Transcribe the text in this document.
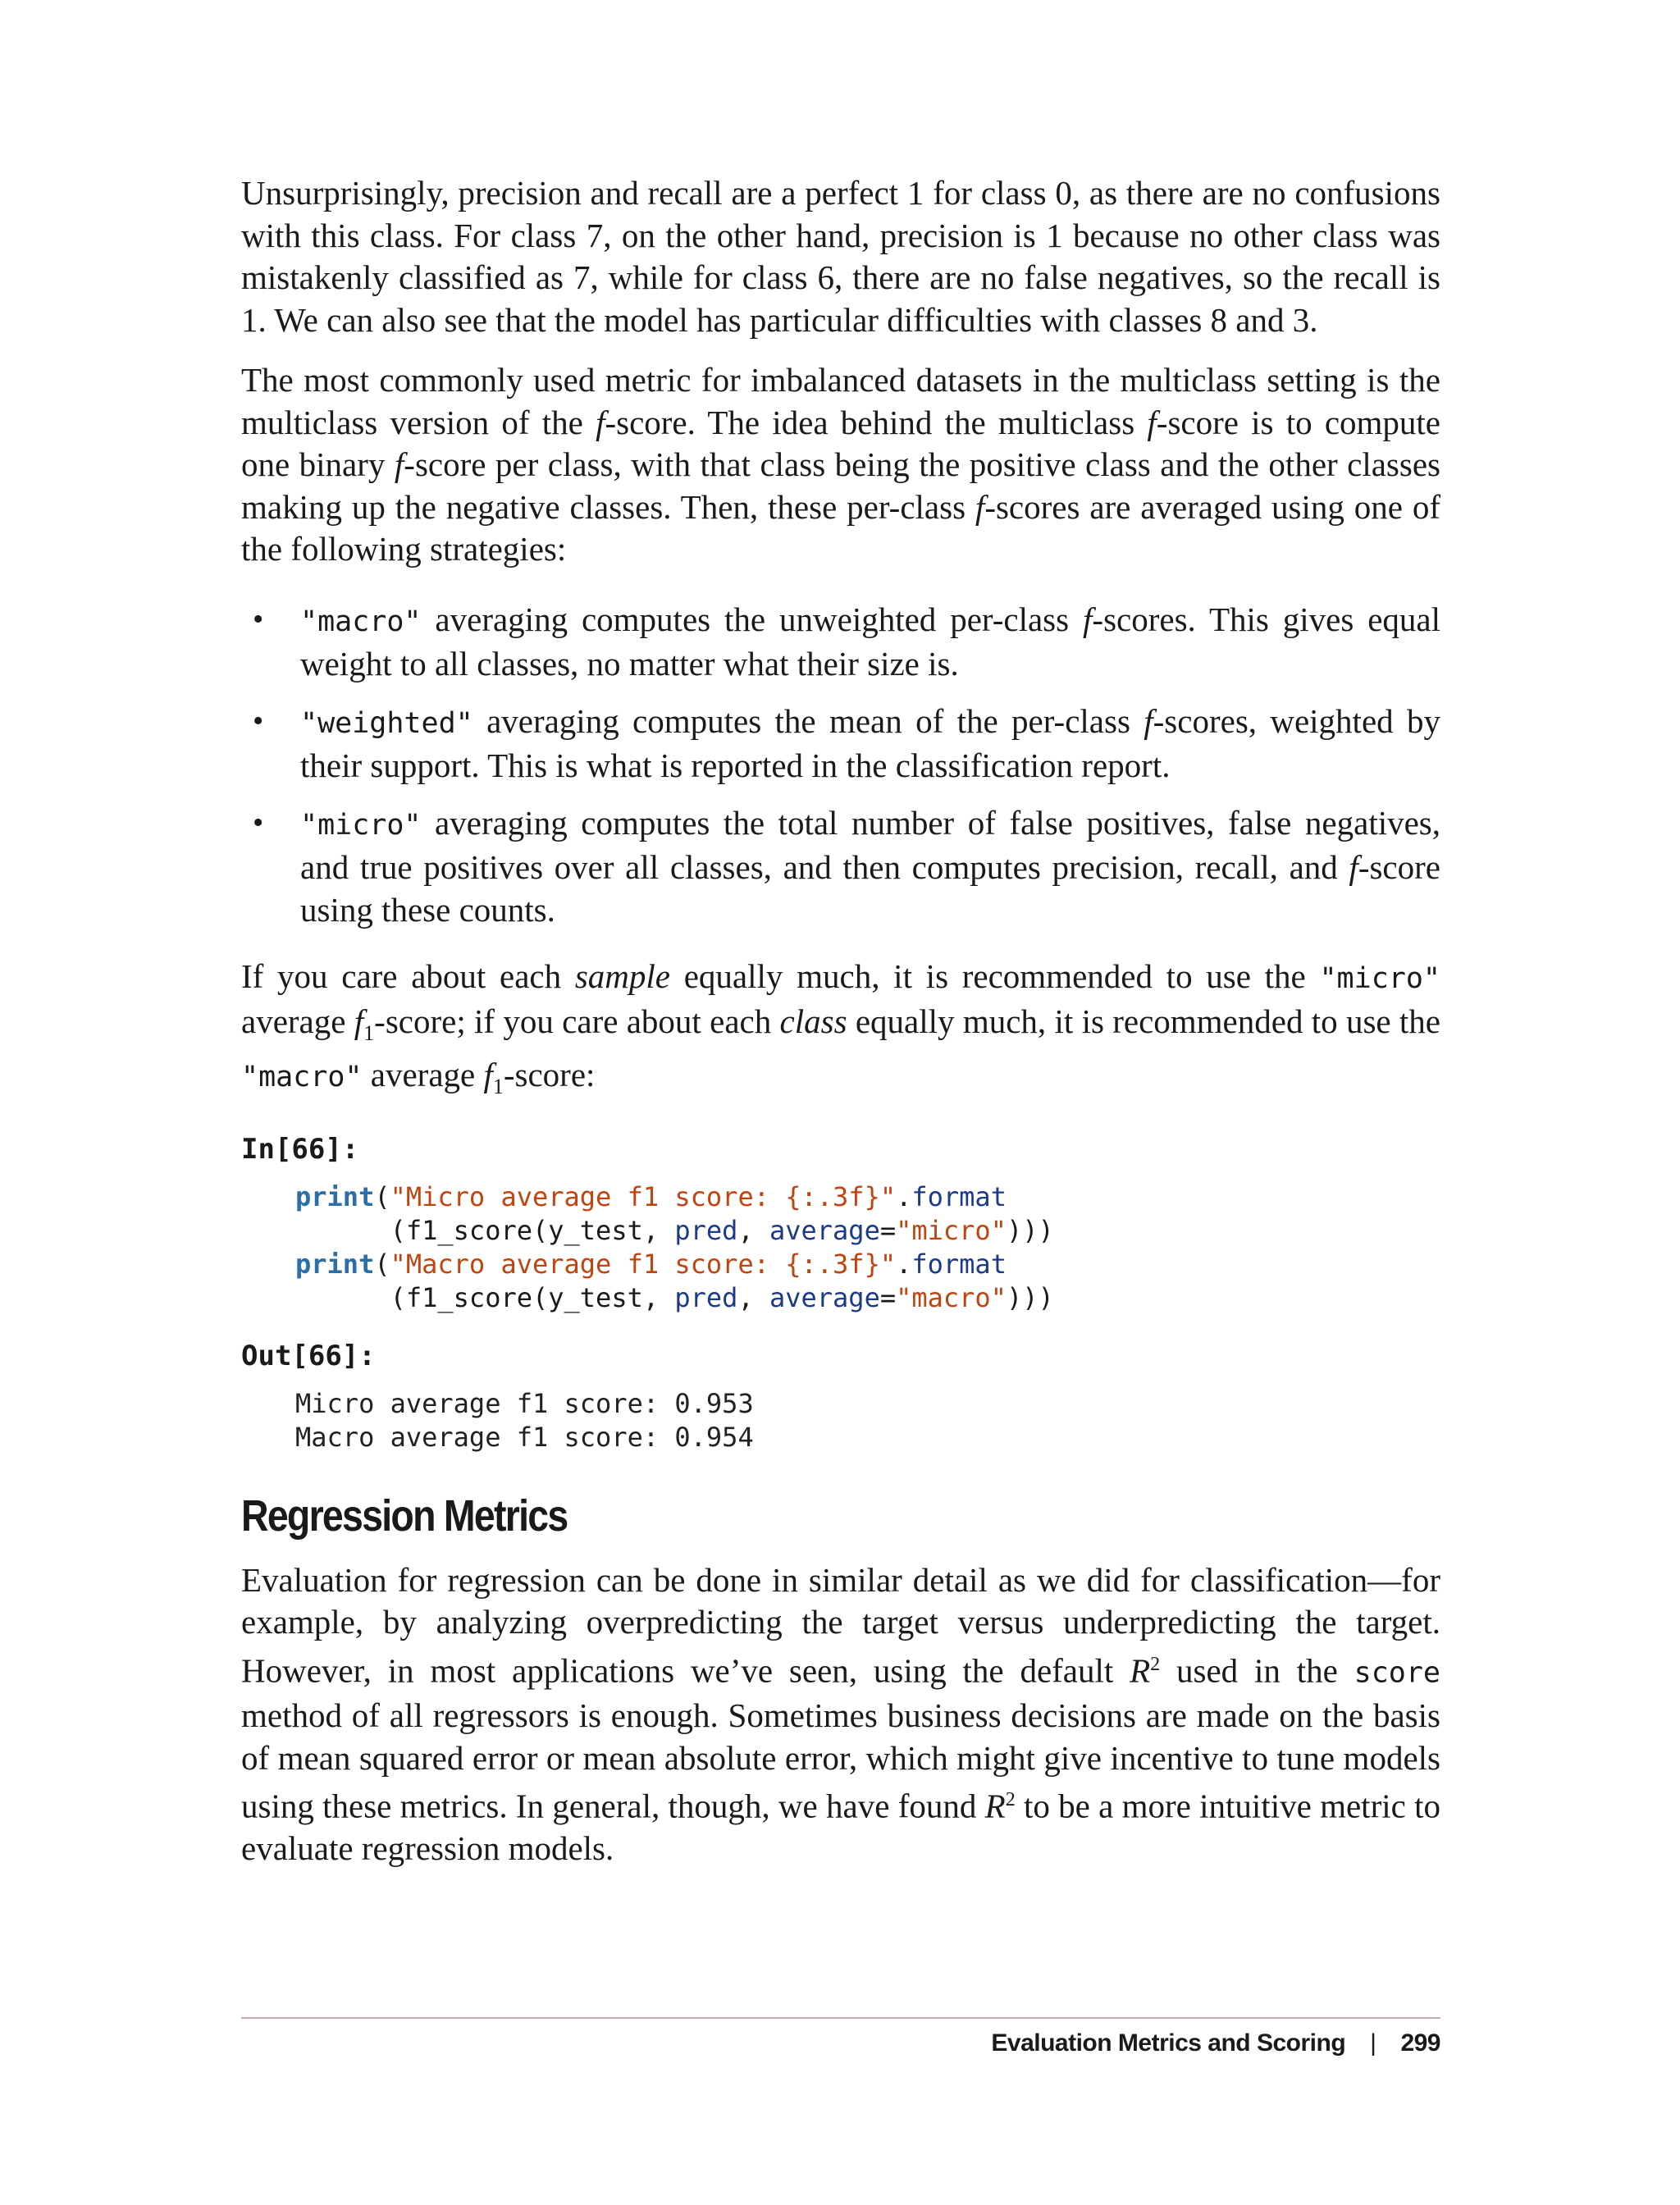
Unsurprisingly, precision and recall are a perfect 1 for class 0, as there are no confusions with this class. For class 7, on the other hand, precision is 1 because no other class was mistakenly classified as 7, while for class 6, there are no false negatives, so the recall is 1. We can also see that the model has particular difficulties with classes 8 and 3.

The most commonly used metric for imbalanced datasets in the multiclass setting is the multiclass version of the f-score. The idea behind the multiclass f-score is to compute one binary f-score per class, with that class being the positive class and the other classes making up the negative classes. Then, these per-class f-scores are averaged using one of the following strategies:

• "macro" averaging computes the unweighted per-class f-scores. This gives equal weight to all classes, no matter what their size is.
• "weighted" averaging computes the mean of the per-class f-scores, weighted by their support. This is what is reported in the classification report.
• "micro" averaging computes the total number of false positives, false negatives, and true positives over all classes, and then computes precision, recall, and f-score using these counts.

If you care about each sample equally much, it is recommended to use the "micro" average $f_1$-score; if you care about each class equally much, it is recommended to use the "macro" average $f_1$-score:

In[66]:
print("Micro average f1 score: {:.3f}".format
(f1_score(y_test, pred, average="micro")))
print("Macro average f1 score: {:.3f}".format
(f1_score(y_test, pred, average="macro")))
Out[66]:
Micro average f1 score: 0.953
Macro average f1 score: 0.954
Regression Metrics

Evaluation for regression can be done in similar detail as we did for classification—for example, by analyzing overpredicting the target versus underpredicting the target. However, in most applications we’ve seen, using the default $R^2$ used in the score method of all regressors is enough. Sometimes business decisions are made on the basis of mean squared error or mean absolute error, which might give incentive to tune models using these metrics. In general, though, we have found $R^2$ to be a more intuitive metric to evaluate regression models.

Evaluation Metrics and Scoring | 299
